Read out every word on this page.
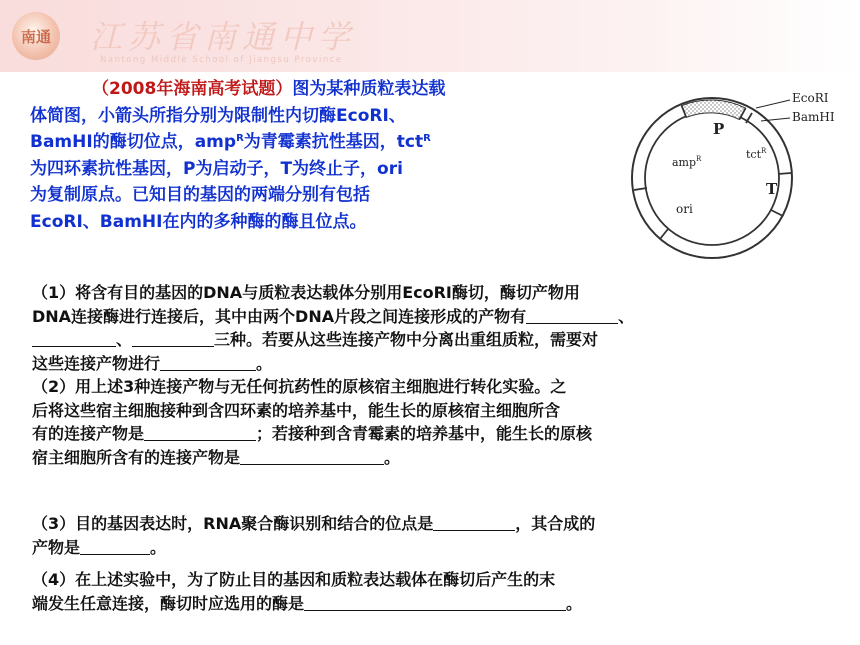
南通 江苏省南通中学
Nantong Middle School of Jiangsu Province
（2008年海南高考试题）图为某种质粒表达载
体简图，小箭头所指分别为限制性内切酶EcoRⅠ、
BamHⅠ的酶切位点，amp$^R$为青霉素抗性基因，tct$^R$
为四环素抗性基因，P为启动子，T为终止子，ori
为复制原点。已知目的基因的两端分别有包括
EcoRⅠ、BamHⅠ在内的多种酶的酶且位点。
EcoRI
BamHI
P
tct$^R$
amp$^R$
T
ori
（1）将含有目的基因的DNA与质粒表达载体分别用EcoRⅠ酶切，酶切产物用
DNA连接酶进行连接后，其中由两个DNA片段之间连接形成的产物有	、
、	三种。若要从这些连接产物中分离出重组质粒，需要对
这些连接产物进行	。
（2）用上述3种连接产物与无任何抗药性的原核宿主细胞进行转化实验。之
后将这些宿主细胞接种到含四环素的培养基中，能生长的原核宿主细胞所含
有的连接产物是	；若接种到含青霉素的培养基中，能生长的原核
宿主细胞所含有的连接产物是	。
（3）目的基因表达时，RNA聚合酶识别和结合的位点是	，其合成的
产物是	。
（4）在上述实验中，为了防止目的基因和质粒表达载体在酶切后产生的末
端发生任意连接，酶切时应选用的酶是	。
